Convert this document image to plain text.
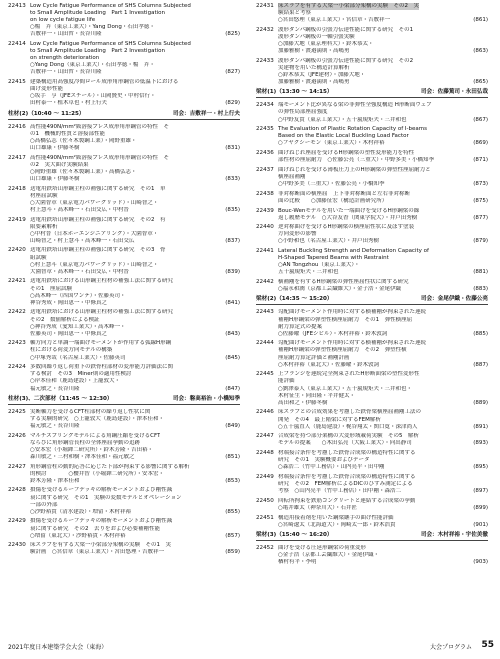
22413 Low Cycle Fatigue Performance of SHS Columns Subjected
to Small Amplitude Loading　Part 1 Investigation
on low cycle fatigue life
○楊　卉（東京工業大）・Yang Dong・石田孝徳・
吉敷祥一・山田哲・長谷川隆	(825)
22414 Low Cycle Fatigue Performance of SHS Columns Subjected
to Small Amplitude Loading　Part 2 Investigation
on strength deterioration
○Yang Dong（東京工業大）・石田孝徳・楊　卉・
吉敷祥一・山田哲・長谷川隆	(827)
22415 建築構造用高強度冷間ロール成形角形鋼管の低温下における
曲げ変形性能
○坂手　亨（JFEスチール）・山岡賢史・中村信行・
田村泰一・植木卓也・村上行夫	(829)
柱材(2)（10:40 ～ 11:25）	司会：吉敷祥一・村上行夫
22416 高性能490N/mm²級溶接プレス成形角形鋼管の特性　そ
の1　機械的性質と溶接部性能
○高橋弘志（佐々木製鋼工業）・岡野重雄・
山口雄康・伊藤冬樹	(831)
22417 高性能490N/mm²級溶接プレス成形角形鋼管の特性　そ
の2　実大曲げ実験結果
○岡野重雄（佐々木製鋼工業）・高橋弘志・
山口雄康・伊藤冬樹	(833)
22418 送電用鉄塔山形鋼主柱の補強に関する研究　その1　単
材座屈試験
○大園智章（東京電力パワーグリッド）・山崎智之・
村上慧斗・高木峰一・石田交広・中村晋	(835)
22419 送電用鉄塔山形鋼主柱の補強に関する研究　その2　有
限要素解析
○中村晋（日本ホーエンジニアリング）・大園智章・
山崎智之・村上慧斗・高木峰一・石田交広	(837)
22420 送電用鉄塔山形鋼主柱の補強に関する研究　その3　骨
組試験
○村上慧斗（東京電力パワーグリッド）・山崎智之・
大園智章・高木峰一・石田交広・中村晋	(839)
22421 送電用鉄塔における山形鋼主柱材の補強工法に関する研究
その1　座屈試験
○高木峰一（四国ワンテ）・佐藤英司・
神谷秀成・岡田恵一・中條真之	(841)
22422 送電用鉄塔における山形鋼主柱材の補強工法に関する研究
その2　数値解析による検証
○神谷秀成（愛知工業大）・高木峰一・
佐藤英司・岡田恵一・中條真之	(843)
22423 軸方向力と単調一端曲げモーメントが作用する弧線H形鋼
柱における荷変方向モデルの構築
○中塚秀哉（名古屋工業大）・佐藤英司	(845)
22424 多数回繰り返し荷重下の鉄骨柱部材の変形能力評価法に関
する検討　その3　Miner則の適用性検討
○岸本佳和（鹿島建設）・上籠敦大・
福元敏之・長谷川隆	(847)
柱材(3)、二次部材（11:45 ～ 12:30）	司会：磐高裕治・小橋知季
22425 実断軸力を受けるCFT柱部材の繰り返し性状に関
する実験的研究　○上籠敦大（鹿島建設）・澤本佳和・
福元敏之・長谷川隆	(849)
22426 マルチスプリングモデルによる角鋼圧縮を受けるCFT
ならびに角形鋼管長柱の全体座屈挙動の追跡
○安本宏（小堀鐸二研究所）・鈴木芳隆・吉田裕・
森川敏之・三村和樹・澤本佳和・福元敏之	(851)
22427 角形鋼管柱の動的応答に応じた下部が拘束する影響に関する解析
的検討　　　　○櫻井智（小堀鐸二研究所）・安本宏・
鈴木芳隆・澤本佳和	(853)
22428 損傷を受けるルーフデッキの解析モーメントおよび剛性減
衰に関する研究　その1　実験の変数モデルとオペレーション
一部の外部
○沙野裕貴（清水建設）・増留・木村祥裕	(855)
22429 損傷を受けるルーフデッキの解析モーメントおよび剛性減
衰に関する研究　その2　去りをおよび必要補剛性能
○増留（東北大）・沙野裕貴・木村祥裕	(857)
22430 床スラブを有する大梁一小梁部分架構の実験　その1　実
験計画　○宮信章（東京工業大）・宮田悠理・吉敷祥一	(859)
22431 床スラブを有する大梁一小梁部分架構の実験　その2　実
験結果と考察
○宮田悠理（東京工業大）・宮信章・吉敷祥一	(861)
22432 波形ダンパ鋼板の引張力伝達性能に関する研究　その1
波形ダンパ鋼板の一軸引張実験
○加藤大地（東京理科大）・鈴木恭太・
加藤雅樹・渡邉満則・高嶋勇	(863)
22433 波形ダンパ鋼板の引張力伝達性能に関する研究　その2
実建物を用いた構造計算解析
○鈴木恭太（JFE建材）・加藤大地・
加藤雅樹・渡邉満則・高嶋勇	(865)
梁材(1)（13:30 ～ 14:15）	司会：佐藤篤司・永田弘哉
22434 端モーメント比が異なる梁の非弾性全強度構造 H形断面ウェブ
の弾性局部座屈強度
○中野友貴（東京工業大）・五十嵐規矩夫・三井和也	(867)
22435 The Evaluation of Plastic Rotation Capacity of I-beams
Based on the Elastic Local Buckling Load Factor
○フヤクシーモン（東京工業大）・木村祥裕	(869)
22436 曲げねじれ座屈を受けるH形鋼梁の塑性変形能力を特性
部性材の座屈耐力　○佐藤公亮（三重大）・中野多美・小橋知季	(871)
22437 曲げねじれを受ける薄板圧力上のH形鋼梁の弾塑性座屈耐力と
横座屈補剛
○中野多美（三重大）・佐藤公亮・小橋知季	(873)
22438 非対称断面の横座屈　上下非対称断面と左右非対称断
面の比較　　○加藤征宏（構造計画研究所）	(875)
22439 Bouc-Wenモデルを用いた一端曲げを受けるH形鋼梁の繰
返し履歴モデル　○大谷友香（関東学院大）・井戸田秀樹	(877)
22440 逆対称曲げを受けるH形鋼梁の横座屈性状に及ぼす塗装
方向変形の影響
○小野和也（名古屋工業大）・井戸田秀樹	(879)
22441 Lateral Buckling Strength and Deformation Capacity of
H-Shaped Tapered Beams with Restraint
○AN Tongzhou（東京工業大）・
五十嵐規矩夫・三井和也	(881)
22442 横補剛を有するH形鋼梁の弾性座屈性状に関する研究
○福永和潤（京都工芸繊維大）・金子浩・金尾伊織	(883)
梁材(2)（14:35 ～ 15:20）	司会：金尾伊織・佐藤公亮
22443 勾配曲げモーメント作用時に対する横補剛が拘束された連続
補剛H形鋼梁の弾塑性横座屈耐力　その1　弾性横座屈
耐力算定式の提案
○佐藤曜（JFEシビル）・木村祥裕・鈴木敦詞	(885)
22444 勾配曲げモーメント作用時に対する横補剛が拘束された連続
補剛H形鋼梁の弾塑性横座屈耐力　その2　弾塑性横
座屈耐力算定評価と補剛計画
○木村祥裕（東北大）・佐藤曜・鈴木敦詞	(887)
22445 上フランジを連続完全拘束されたH形断面梁の塑性変形性
能評価
○劉澤泰人（東京工業大）・五十嵐規矩夫・三井和也・
木村征生・向田隆・平井健太・
高田和之・伊藤冬樹	(889)
22446 床スラブとの合成効果を考慮した鉄骨梁横座屈補剛工法の
開発　その4　最上階梁に対するFEM解析
○五十嵐直人（鹿島建設）・梶谷翔太・関口寛・深津尚人	(891)
22447 合成梁を持つ部分架構の大変形域載荷実験　その5　解析
モデルの提案　　○木田弘亮（大阪工業大）・向出静司	(893)
22448 材端接合条件を考慮した鉄骨合成梁の構造特性に関する
研究　その1　実験概要およびデータ
○森浩二（竹中工務店）・山内亮平・田中剛	(895)
22449 材端接合条件を考慮した鉄骨合成梁の構造特性に関する
研究　その2　FEM解析によるDICのひずみ測定による
考察　○山内亮平（竹中工務店）・田中剛・森浩二	(897)
22450 回転所拘束を鉄筋コンクリートと連結する合成梁の挙動
○亀井雄太（神奈川大）・石井匠	(899)
22451 構造用接着剤を用いた鋼梁継手の曲げ性能評価
○宮崎遼太（北海道大）・岡崎太一郎・鈴木浩貴	(901)
梁材(3)（15:40 ～ 16:20）	司会：木村祥裕・宇佐美徹
22452 曲げを受ける圧延形鋼梁の荷重変形
○金子浩（京都工芸繊維大）・金尾伊織・
楢村有平・李明	(903)
2021年度日本建築学会大会（東海）	大会プログラム 55
